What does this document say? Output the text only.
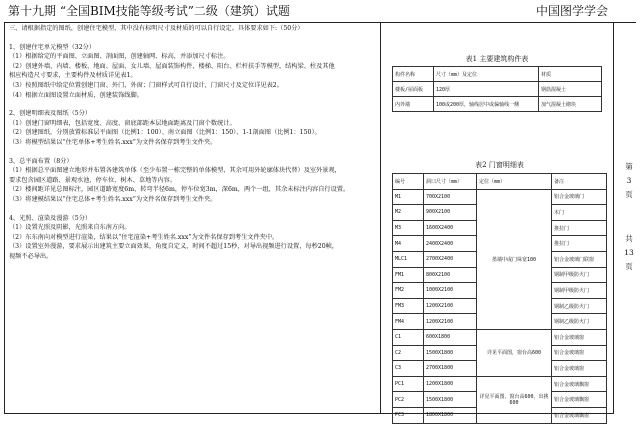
第十九期 “全国BIM技能等级考试”二级（建筑）试题	中国图学学会

三、请根据指定的图纸，创建住宅模型，其中没有标明尺寸及材质的可以自行设定。具体要求如下:（50分）

1、创建住宅单元模型（32分）

（1）根据给定的平面图、立面图、剖面图，创建轴网、标高，并添加尺寸标注。

（2）创建外墙、内墙、楼板、地面、屋面、女儿墙、屋面装饰构件、楼梯、阳台、栏杆扶手等模型，结构梁、柱及其他

相应构造尺寸要求，主要构件及材质详见表1。

（3）按照图纸中给定位置创建门窗、外门、外窗；门窗样式可自行设计，门窗尺寸及定位详见表2。

（4）根据立面图设置立面材质，创建装饰线脚。

2、创建明细表及图纸（5分）

（1）创建门窗明细表，包括宽度、高度、窗底部距本层地面距离及门窗个数统计。

（2）创建图纸，分别放置标准层平面图（比例1：100）、南立面图（比例1：150）、1-1剖面图（比例1：150）。

（3）将模型结果以“住宅单体+考生姓名.xxx”为文件名保存到考生文件夹。

3、总平面布置（8分）

（1）根据总平面图建立地形并布置各建筑单体（至少布置一栋完整的单体模型，其余可用外轮廓体块代替）及室外景观，

要求包含园区道路、景观水池、停车位、树木、草地等内容。

（2）楼间距详见总图标注，园区道路宽度6m，转弯半径6m，停车位宽3m，深6m，两个一组，其余未标注内容自行设置。

（3）将建模结果以“住宅总体+考生姓名.xxx”为文件名保存到考生文件夹。

4、光照、渲染及漫游（5分）

（1）设置光照及阴影，光照来自东南方向。

（2）东东南向对模型进行渲染，结果以“住宅渲染+考生姓名.xxx”为文件名保存到考生文件夹中。

（3）设置室外漫游，要求展示出建筑主要立面效果，角度自定义，时间不超过15秒，对导出视频进行设置，每秒20帧，

视频不必导出。

表1 主要建筑构件表
构件名称	尺寸（mm）及定位	材质
楼板/屋面板	120厚	钢筋混凝土
内外墙	100或200厚，轴线居中或偏轴线一侧	加气混凝土砌块
表2 门窗明细表
编号	洞口尺寸（mm）	定位（mm）	备注
M1	700X2100	墨墙中或门垛宽100	铝合金玻璃门
M2	900X2100		木门
M3	1600X2400		推拉门
M4	2400X2400		推拉门
MLC1	2700X2400		铝合金玻璃门联窗
FM1	800X2100		钢制甲级防火门
FM2	1000X2100		钢制甲级防火门
FM3	1200X2100		钢制乙级防火门
FM4	1200X2100		钢制乙级防火门
C1	600X1800	详见平面图，窗台高600	铝合金玻璃窗
C2	1500X1800		铝合金玻璃窗
C3	2700X1800		铝合金玻璃窗
PC1	1200X1800	详见平面图，窗台高600，出挑600	铝合金玻璃飘窗
PC2	1500X1800		铝合金玻璃飘窗
PC3	1800X1800		铝合金玻璃飘窗
第
3
页
共
13
页
